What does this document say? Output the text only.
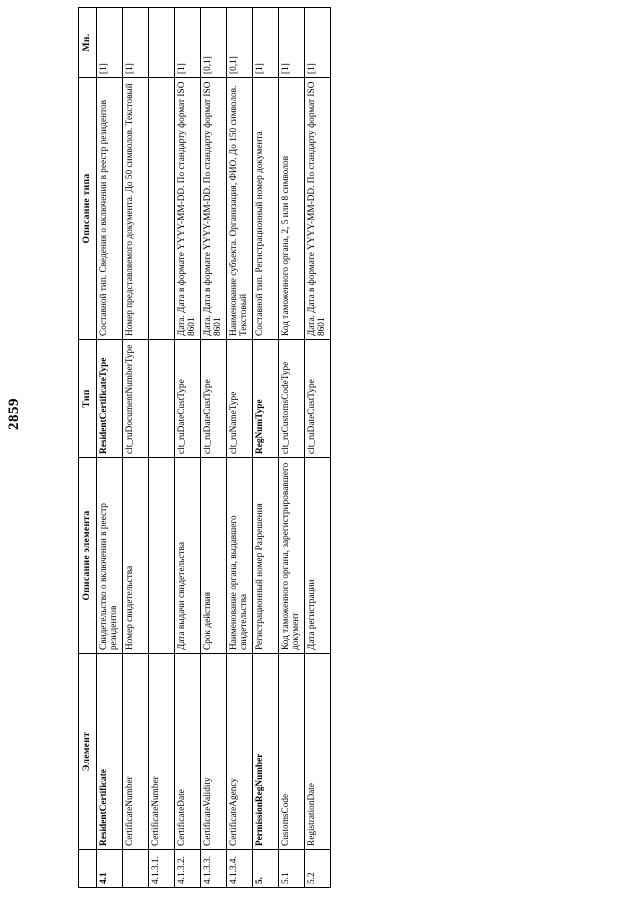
2859
	Элемент	Описание элемента	Тип	Описание типа	Мн.
4.1	ResidentCertificate	Свидетельство о включении в реестр резидентов	ResidentCertificateType	Составной тип. Сведения о включении в реестр резидентов	[1]
	CertificateNumber	Номер свидетельства	clt_ruDocumentNumberType	Номер представляемого документа. До 50 символов. Текстовый	[1]
4.1.3.1.	CertificateNumber				
4.1.3.2.	CertificateDate	Дата выдачи свидетельства	clt_ruDateCustType	Дата. Дата в формате YYYY-MM-DD. По стандарту формат ISO 8601	[1]
4.1.3.3.	CertificateValidity	Срок действия	clt_ruDateCustType	Дата. Дата в формате YYYY-MM-DD. По стандарту формат ISO 8601	[0,1]
4.1.3.4.	CertificateAgency	Наименование органа, выдавшего свидетельства	clt_ruNameType	Наименование субъекта. Организация, ФИО. До 150 символов. Текстовый	[0,1]
5.	PermissionRegNumber	Регистрационный номер Разрешения	RegNumType	Составной тип. Регистрационный номер документа	[1]
5.1	CustomsCode	Код таможенного органа, зарегистрировавшего документ	clt_ruCustomsCodeType	Код таможенного органа, 2, 5 или 8 символов	[1]
5.2	RegistrationDate	Дата регистрации	clt_ruDateCustType	Дата. Дата в формате YYYY-MM-DD. По стандарту формат ISO 8601	[1]
